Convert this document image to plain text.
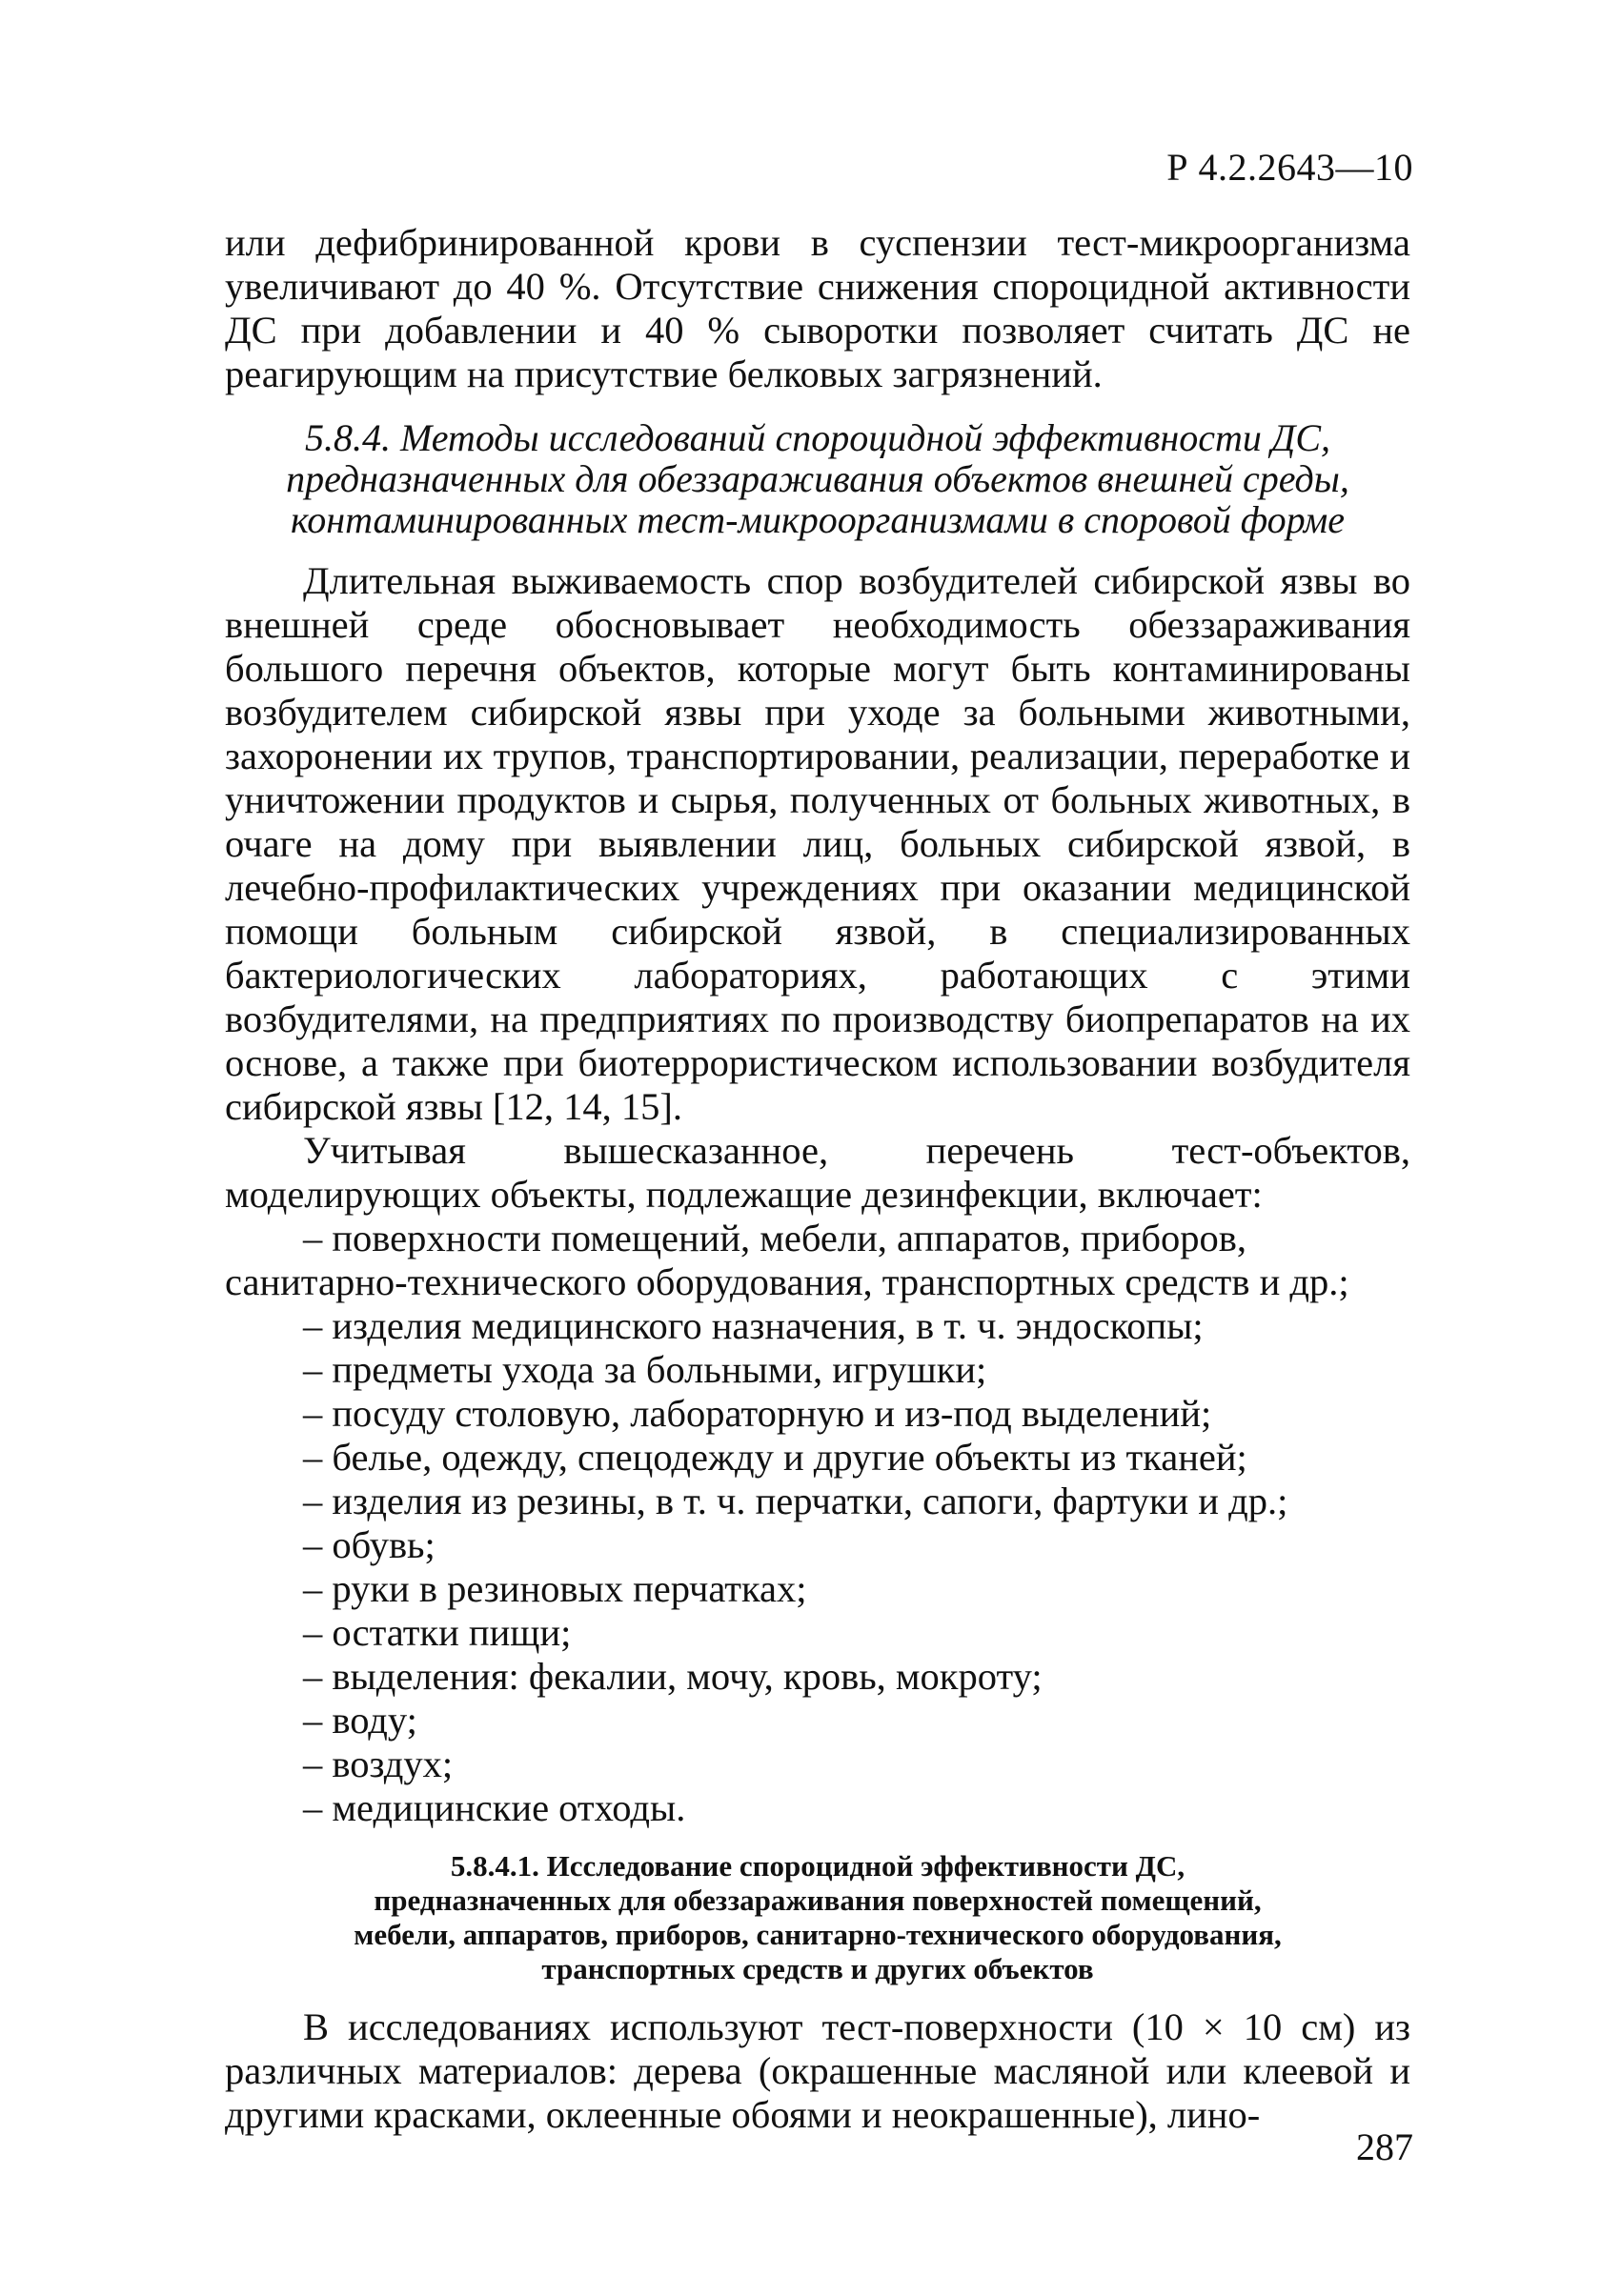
Р 4.2.2643—10

или дефибринированной крови в суспензии тест-микроорганизма увеличивают до 40 %. Отсутствие снижения спороцидной активности ДС при добавлении и 40 % сыворотки позволяет считать ДС не реагирующим на присутствие белковых загрязнений.

5.8.4. Методы исследований спороцидной эффективности ДС,
предназначенных для обеззараживания объектов внешней среды,
контаминированных тест-микроорганизмами в споровой форме

Длительная выживаемость спор возбудителей сибирской язвы во внешней среде обосновывает необходимость обеззараживания большого перечня объектов, которые могут быть контаминированы возбудителем сибирской язвы при уходе за больными животными, захоронении их трупов, транспортировании, реализации, переработке и уничтожении продуктов и сырья, полученных от больных животных, в очаге на дому при выявлении лиц, больных сибирской язвой, в лечебно-профилактических учреждениях при оказании медицинской помощи больным сибирской язвой, в специализированных бактериологических лабораториях, работающих с этими возбудителями, на предприятиях по производству биопрепаратов на их основе, а также при биотеррористическом использовании возбудителя сибирской язвы [12, 14, 15].

Учитывая вышесказанное, перечень тест-объектов, моделирующих объекты, подлежащие дезинфекции, включает:

– поверхности помещений, мебели, аппаратов, приборов, санитарно-технического оборудования, транспортных средств и др.;
– изделия медицинского назначения, в т. ч. эндоскопы;
– предметы ухода за больными, игрушки;
– посуду столовую, лабораторную и из-под выделений;
– белье, одежду, спецодежду и другие объекты из тканей;
– изделия из резины, в т. ч. перчатки, сапоги, фартуки и др.;
– обувь;
– руки в резиновых перчатках;
– остатки пищи;
– выделения: фекалии, мочу, кровь, мокроту;
– воду;
– воздух;
– медицинские отходы.
5.8.4.1. Исследование спороцидной эффективности ДС,
предназначенных для обеззараживания поверхностей помещений,
мебели, аппаратов, приборов, санитарно-технического оборудования,
транспортных средств и других объектов

В исследованиях используют тест-поверхности (10 × 10 см) из различных материалов: дерева (окрашенные масляной или клеевой и другими красками, оклеенные обоями и неокрашенные), лино-

287
